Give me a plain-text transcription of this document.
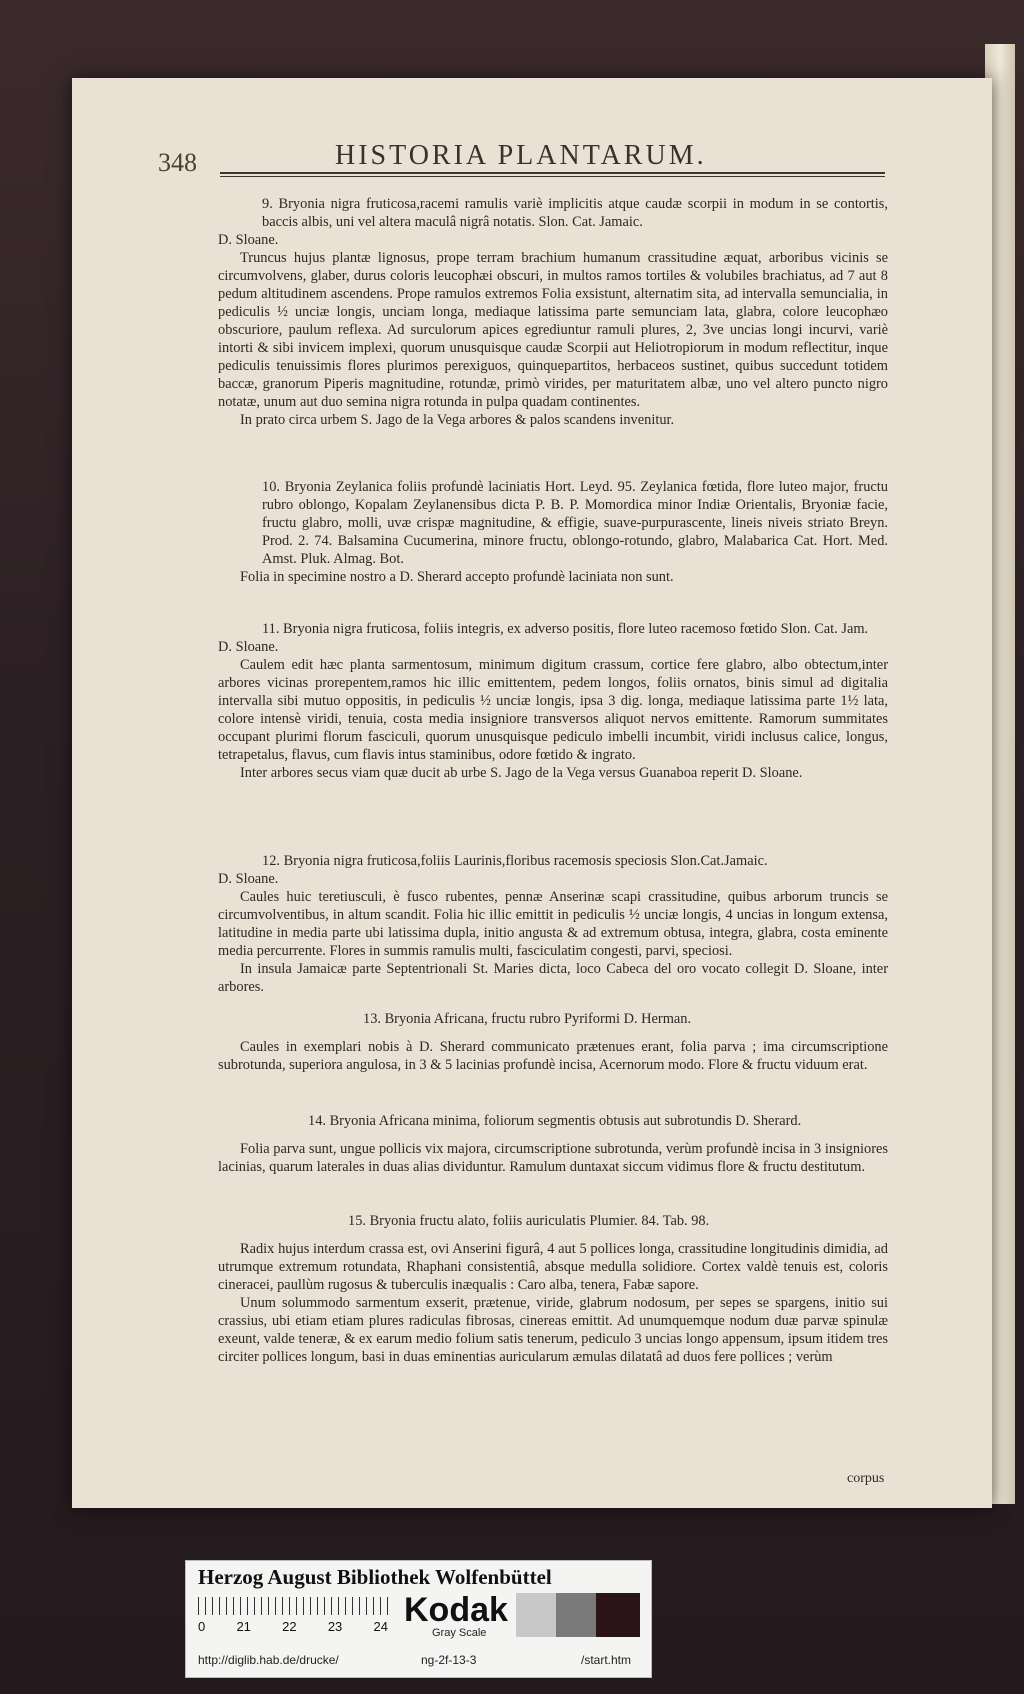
348	HISTORIA PLANTARUM.
9. Bryonia nigra fruticosa,racemi ramulis variè implicitis atque caudæ scorpii in modum in se contortis, baccis albis, uni vel altera maculâ nigrâ notatis. Slon. Cat. Jamaic.
D. Sloane.
Truncus hujus plantæ lignosus, prope terram brachium humanum crassitudine æquat, arboribus vicinis se circumvolvens, glaber, durus coloris leucophæi obscuri, in multos ramos tortiles & volubiles brachiatus, ad 7 aut 8 pedum altitudinem ascendens. Prope ramulos extremos Folia exsistunt, alternatim sita, ad intervalla semuncialia, in pediculis ½ unciæ longis, unciam longa, mediaque latissima parte semunciam lata, glabra, colore leucophæo obscuriore, paulum reflexa. Ad surculorum apices egrediuntur ramuli plures, 2, 3ve uncias longi incurvi, variè intorti & sibi invicem implexi, quorum unusquisque caudæ Scorpii aut Heliotropiorum in modum reflectitur, inque pediculis tenuissimis flores plurimos perexiguos, quinquepartitos, herbaceos sustinet, quibus succedunt totidem baccæ, granorum Piperis magnitudine, rotundæ, primò virides, per maturitatem albæ, uno vel altero puncto nigro notatæ, unum aut duo semina nigra rotunda in pulpa quadam continentes.
In prato circa urbem S. Jago de la Vega arbores & palos scandens invenitur.
10. Bryonia Zeylanica foliis profundè laciniatis Hort. Leyd. 95. Zeylanica fœtida, flore luteo major, fructu rubro oblongo, Kopalam Zeylanensibus dicta P. B. P. Momordica minor Indiæ Orientalis, Bryoniæ facie, fructu glabro, molli, uvæ crispæ magnitudine, & effigie, suave-purpurascente, lineis niveis striato Breyn. Prod. 2. 74. Balsamina Cucumerina, minore fructu, oblongo-rotundo, glabro, Malabarica Cat. Hort. Med. Amst. Pluk. Almag. Bot.
Folia in specimine nostro a D. Sherard accepto profundè laciniata non sunt.
11. Bryonia nigra fruticosa, foliis integris, ex adverso positis, flore luteo racemoso fœtido Slon. Cat. Jam.
D. Sloane.
Caulem edit hæc planta sarmentosum, minimum digitum crassum, cortice fere glabro, albo obtectum,inter arbores vicinas prorepentem,ramos hic illic emittentem, pedem longos, foliis ornatos, binis simul ad digitalia intervalla sibi mutuo oppositis, in pediculis ½ unciæ longis, ipsa 3 dig. longa, mediaque latissima parte 1½ lata, colore intensè viridi, tenuia, costa media insigniore transversos aliquot nervos emittente. Ramorum summitates occupant plurimi florum fasciculi, quorum unusquisque pediculo imbelli incumbit, viridi inclusus calice, longus, tetrapetalus, flavus, cum flavis intus staminibus, odore fœtido & ingrato.
Inter arbores secus viam quæ ducit ab urbe S. Jago de la Vega versus Guanaboa reperit D. Sloane.
12. Bryonia nigra fruticosa,foliis Laurinis,floribus racemosis speciosis Slon.Cat.Jamaic.
D. Sloane.
Caules huic teretiusculi, è fusco rubentes, pennæ Anserinæ scapi crassitudine, quibus arborum truncis se circumvolventibus, in altum scandit. Folia hic illic emittit in pediculis ½ unciæ longis, 4 uncias in longum extensa, latitudine in media parte ubi latissima dupla, initio angusta & ad extremum obtusa, integra, glabra, costa eminente media percurrente. Flores in summis ramulis multi, fasciculatim congesti, parvi, speciosi.
In insula Jamaicæ parte Septentrionali St. Maries dicta, loco Cabeca del oro vocato collegit D. Sloane, inter arbores.
13. Bryonia Africana, fructu rubro Pyriformi D. Herman.
Caules in exemplari nobis à D. Sherard communicato prætenues erant, folia parva ; ima circumscriptione subrotunda, superiora angulosa, in 3 & 5 lacinias profundè incisa, Acernorum modo. Flore & fructu viduum erat.
14. Bryonia Africana minima, foliorum segmentis obtusis aut subrotundis D. Sherard.
Folia parva sunt, ungue pollicis vix majora, circumscriptione subrotunda, verùm profundè incisa in 3 insigniores lacinias, quarum laterales in duas alias dividuntur. Ramulum duntaxat siccum vidimus flore & fructu destitutum.
15. Bryonia fructu alato, foliis auriculatis Plumier. 84. Tab. 98.
Radix hujus interdum crassa est, ovi Anserini figurâ, 4 aut 5 pollices longa, crassitudine longitudinis dimidia, ad utrumque extremum rotundata, Rhaphani consistentiâ, absque medulla solidiore. Cortex valdè tenuis est, coloris cineracei, paullùm rugosus & tuberculis inæqualis : Caro alba, tenera, Fabæ sapore.
Unum solummodo sarmentum exserit, prætenue, viride, glabrum nodosum, per sepes se spargens, initio sui crassius, ubi etiam etiam plures radiculas fibrosas, cinereas emittit. Ad unumquemque nodum duæ parvæ spinulæ exeunt, valde teneræ, & ex earum medio folium satis tenerum, pediculo 3 uncias longo appensum, ipsum itidem tres circiter pollices longum, basi in duas eminentias auricularum æmulas dilatatâ ad duos fere pollices ; verùm
corpus
Herzog August Bibliothek Wolfenbüttel
0 21 22 23 24 Kodak
Gray Scale
http://diglib.hab.de/drucke/	ng-2f-13-3	/start.htm
